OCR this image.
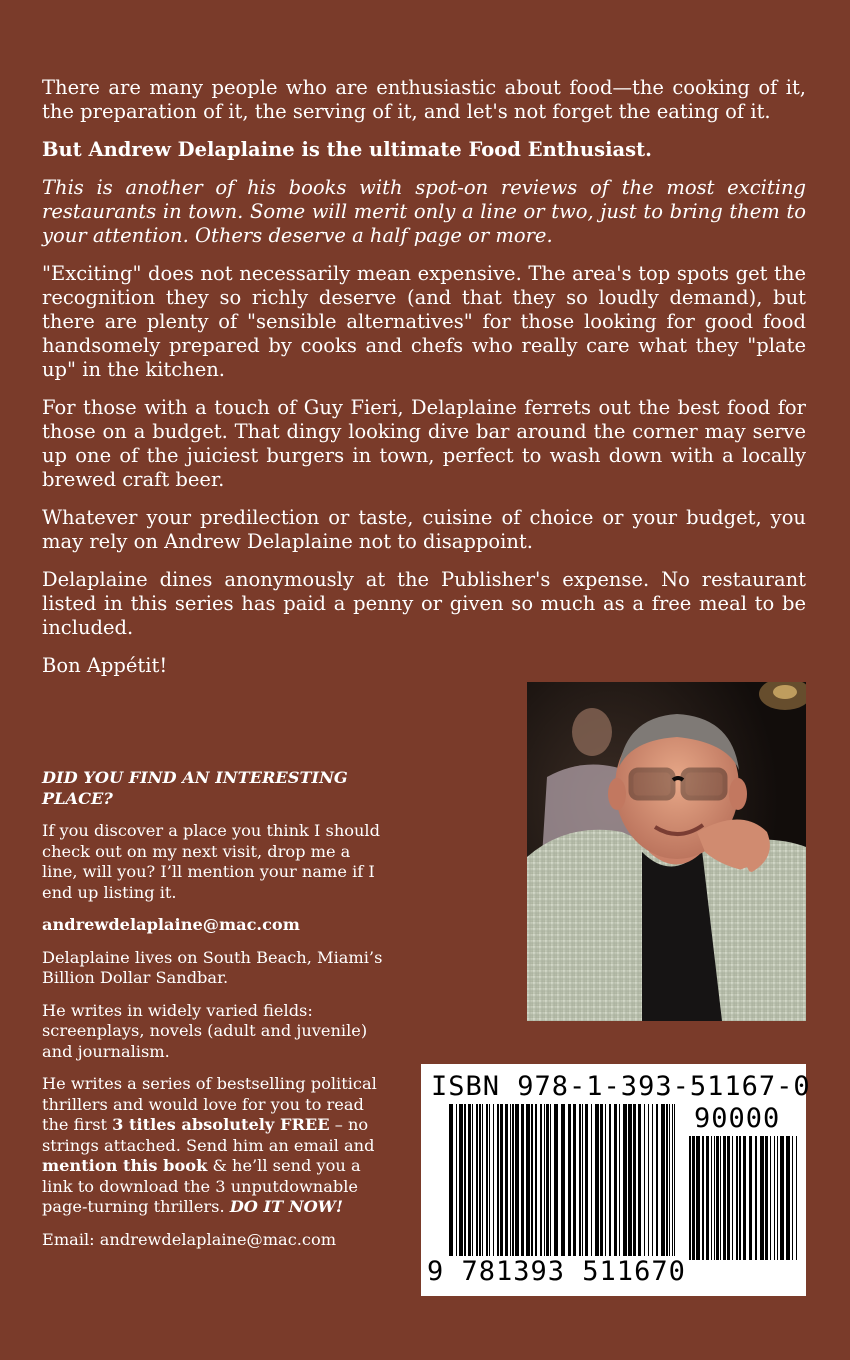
There are many people who are enthusiastic about food—the cooking of it, the preparation of it, the serving of it, and let's not forget the eating of it.

But Andrew Delaplaine is the ultimate Food Enthusiast.

This is another of his books with spot-on reviews of the most exciting restaurants in town. Some will merit only a line or two, just to bring them to your attention. Others deserve a half page or more.

"Exciting" does not necessarily mean expensive. The area's top spots get the recognition they so richly deserve (and that they so loudly demand), but there are plenty of "sensible alternatives" for those looking for good food handsomely prepared by cooks and chefs who really care what they "plate up" in the kitchen.

For those with a touch of Guy Fieri, Delaplaine ferrets out the best food for those on a budget. That dingy looking dive bar around the corner may serve up one of the juiciest burgers in town, perfect to wash down with a locally brewed craft beer.

Whatever your predilection or taste, cuisine of choice or your budget, you may rely on Andrew Delaplaine not to disappoint.

Delaplaine dines anonymously at the Publisher's expense. No restaurant listed in this series has paid a penny or given so much as a free meal to be included.

Bon Appétit!

DID YOU FIND AN INTERESTING PLACE?

If you discover a place you think I should check out on my next visit, drop me a line, will you? I’ll mention your name if I end up listing it.

andrewdelaplaine@mac.com

Delaplaine lives on South Beach, Miami’s Billion Dollar Sandbar.

He writes in widely varied fields: screenplays, novels (adult and juvenile) and journalism.

He writes a series of bestselling political thrillers and would love for you to read the first 3 titles absolutely FREE – no strings attached. Send him an email and mention this book & he’ll send you a link to download the 3 unputdownable page-turning thrillers. DO IT NOW!

Email: andrewdelaplaine@mac.com

ISBN 978-1-393-51167-0
90000
9 781393 511670
